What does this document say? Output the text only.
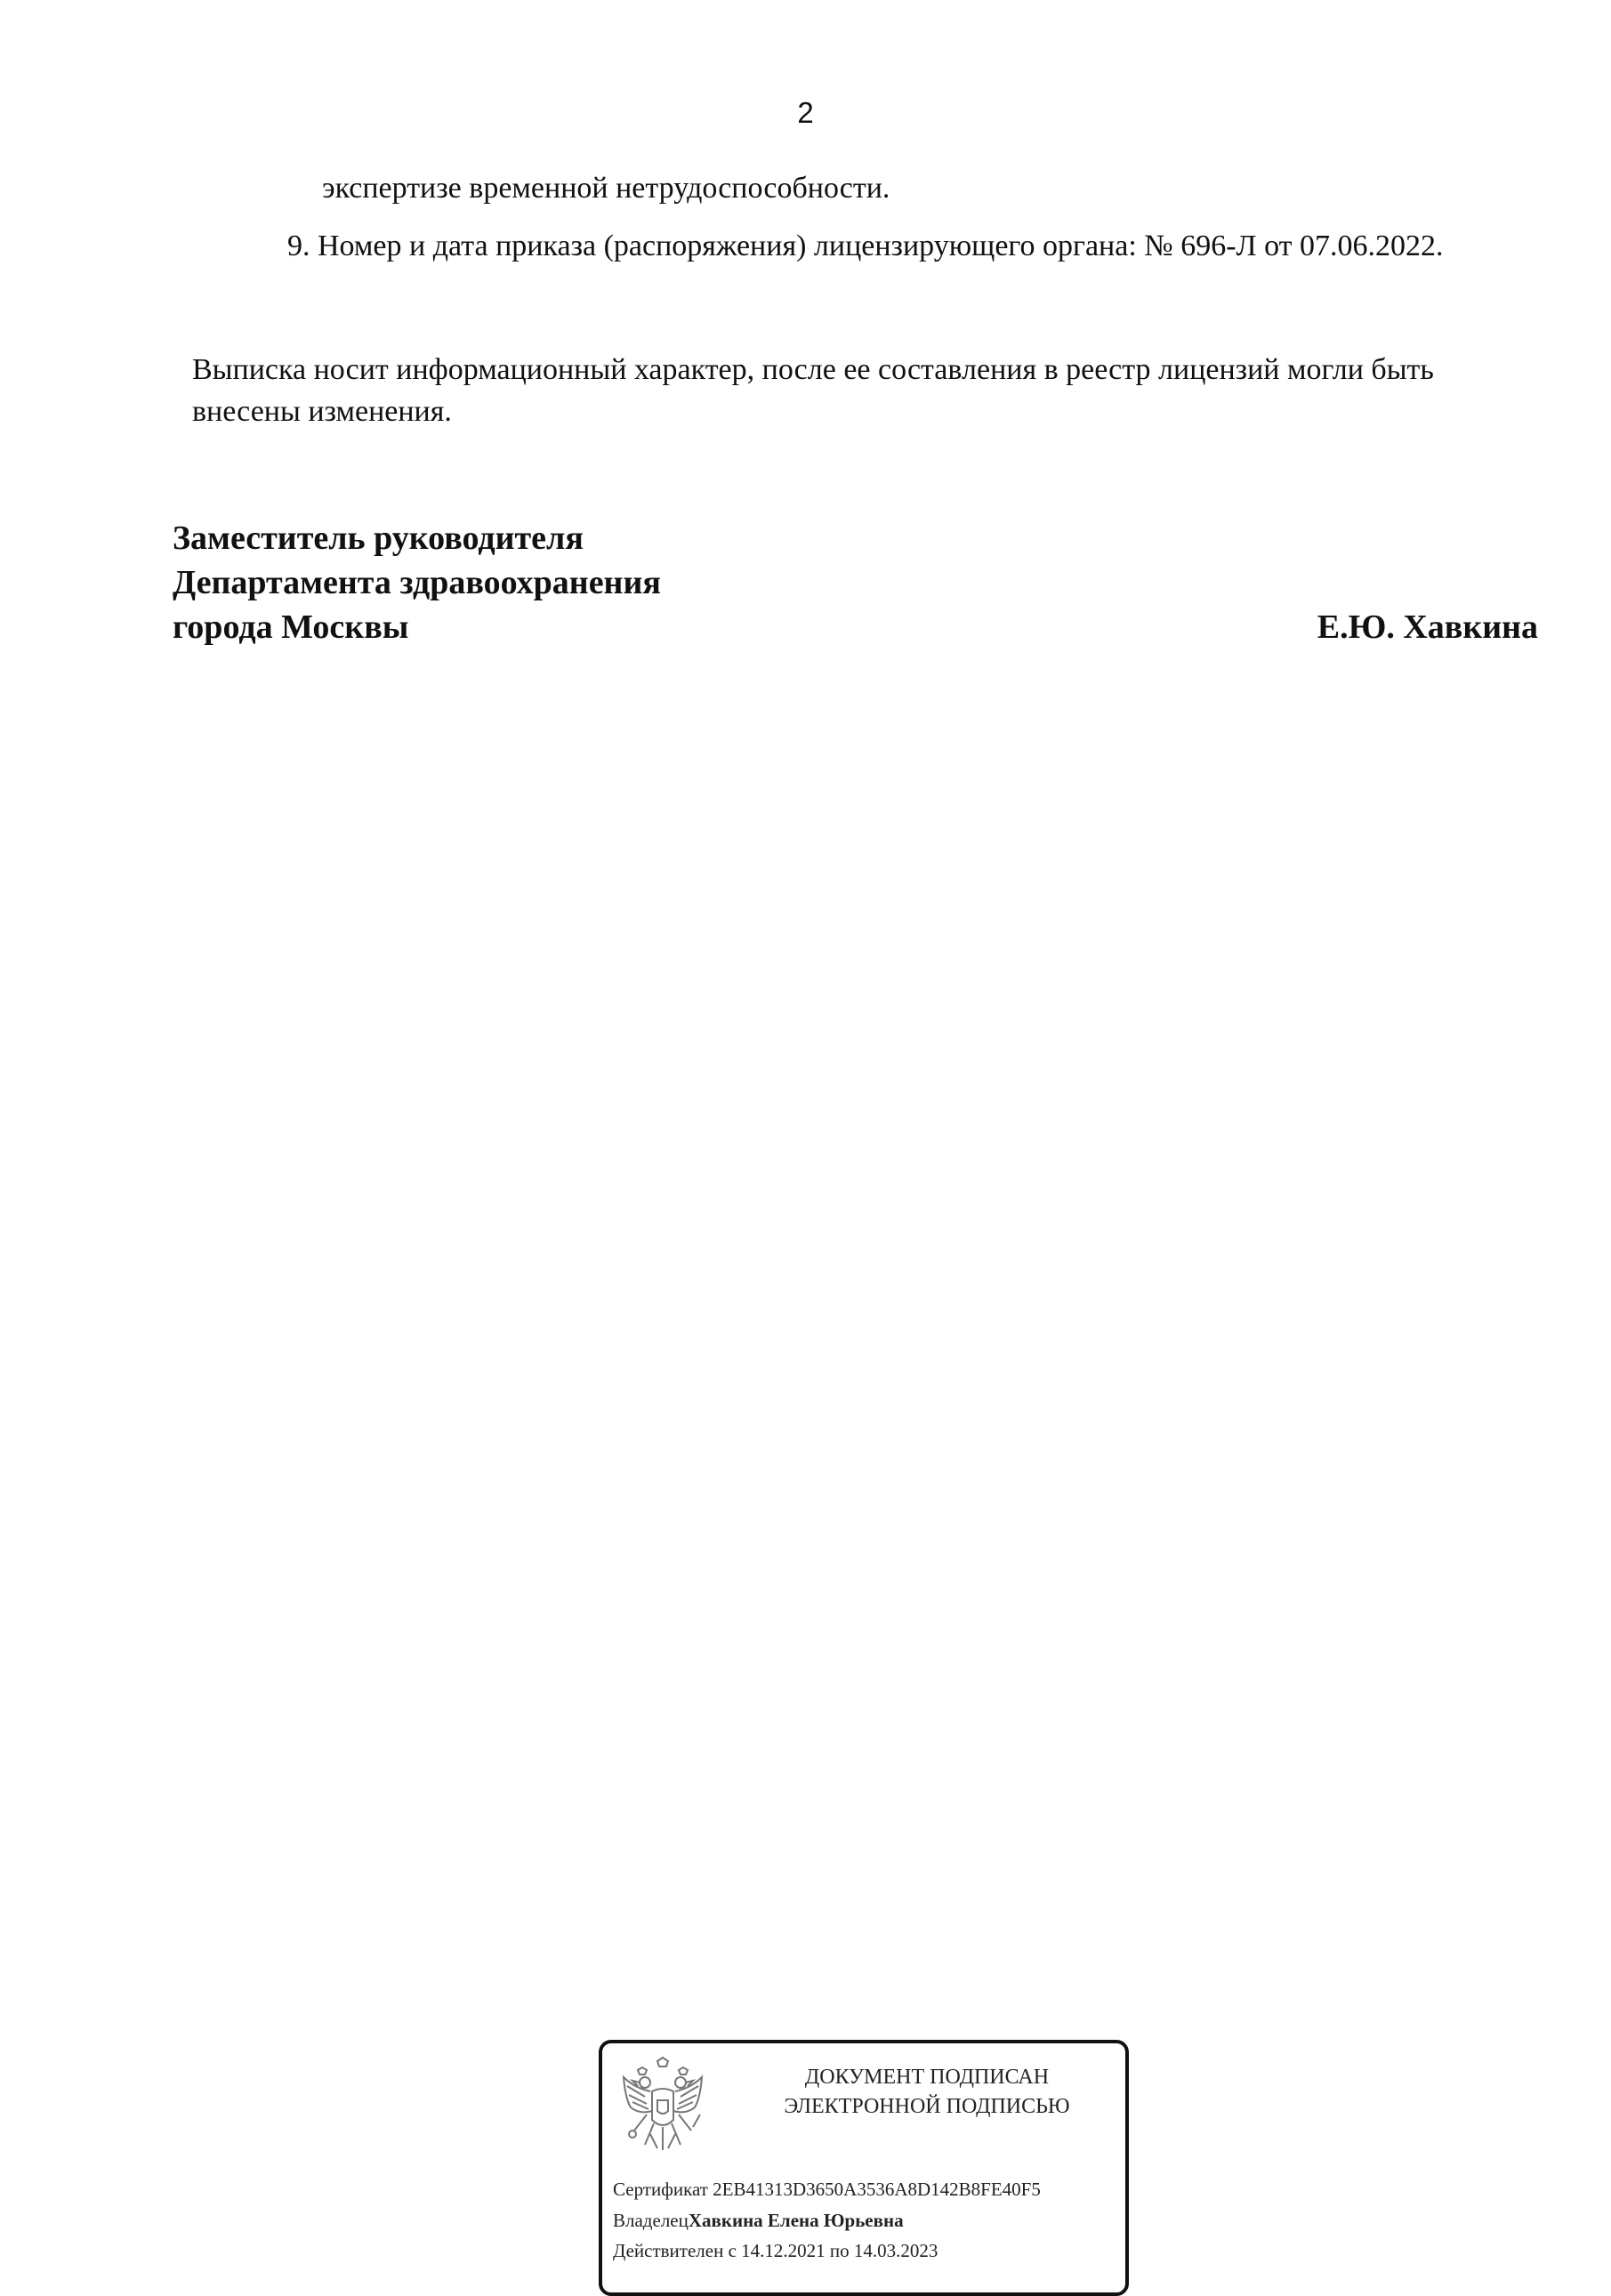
2

экспертизе временной нетрудоспособности.

9. Номер и дата приказа (распоряжения) лицензирующего органа: № 696-Л от 07.06.2022.

Выписка носит информационный характер, после ее составления в реестр лицензий могли быть

внесены изменения.

Заместитель руководителя
Департамента здравоохранения
города Москвы	Е.Ю. Хавкина
ДОКУМЕНТ ПОДПИСАН
ЭЛЕКТРОННОЙ ПОДПИСЬЮ
Сертификат 2EB41313D3650A3536A8D142B8FE40F5
ВладелецХавкина Елена Юрьевна
Действителен с 14.12.2021 по 14.03.2023
